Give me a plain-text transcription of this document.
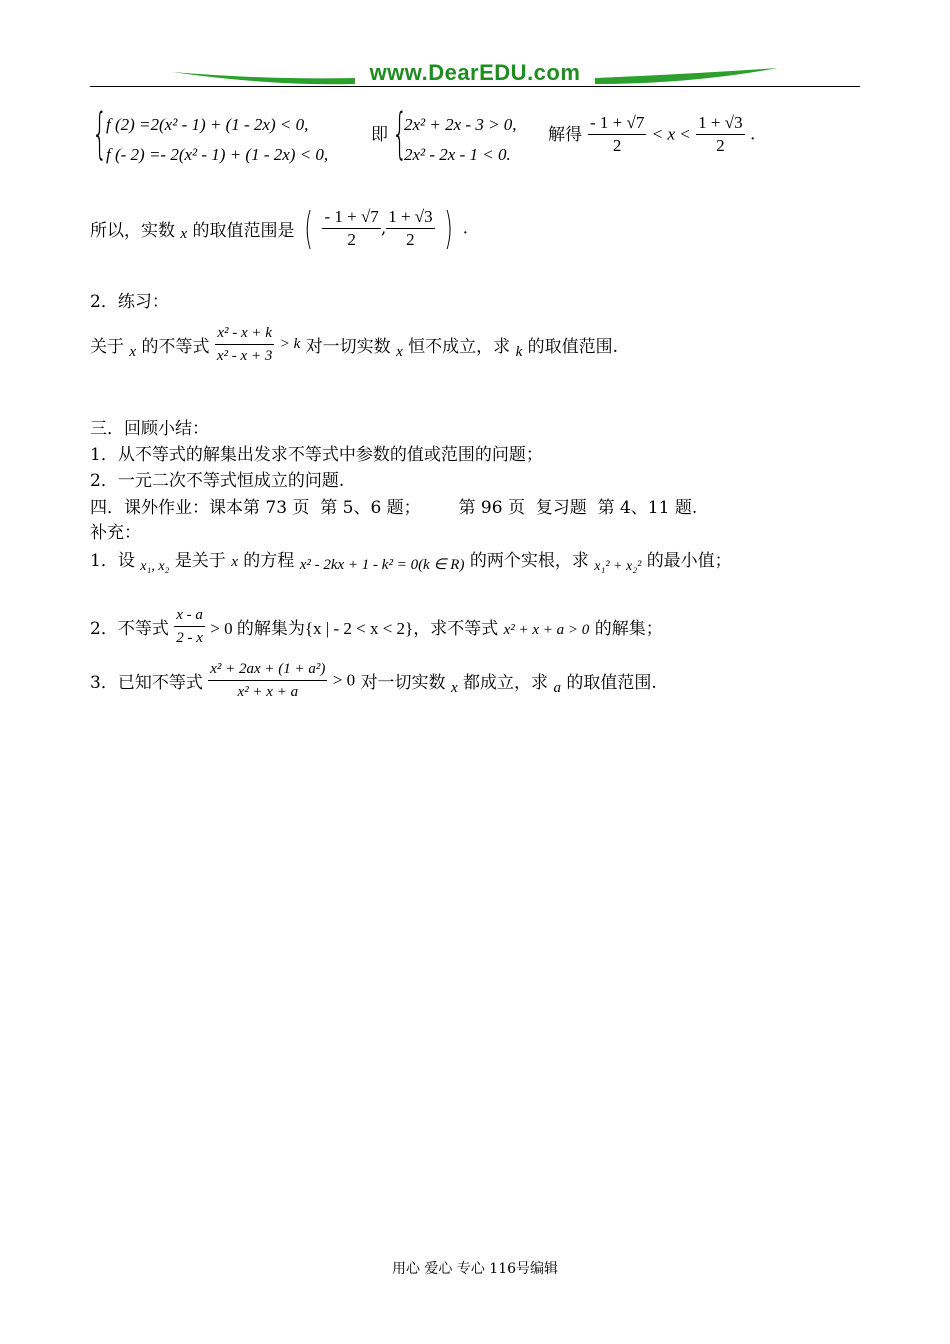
www.DearEDU.com
{
f (2) =2(x² - 1) + (1 - 2x) < 0,
f (- 2) =- 2(x² - 1) + (1 - 2x) < 0,
即 {
2x² + 2x - 3 > 0,
2x² - 2x - 1 < 0.
解得 $\frac{- 1 + √7}{2} < x < \frac{1 + √3}{2}$ .
所以，实数 x 的取值范围是 ( $\frac{- 1 + √7}{2}$ , $\frac{1 + √3}{2}$ ) .
2．练习：
关于 x 的不等式 $\frac{\text{x² - x + k}}{\text{x² - x + 3}} > k$ 对一切实数 x 恒不成立，求 k 的取值范围.
三．回顾小结：
1．从不等式的解集出发求不等式中参数的值或范围的问题；
2．一元二次不等式恒成立的问题.
四．课外作业：课本第 73 页  第 5、6 题；       第 96 页  复习题  第 4、11 题.
补充：
1．设 $_{x_1, x_2}$ 是关于 x 的方程 x² - 2kx + 1 - k² = 0(k ∈ R) 的两个实根，求 $_{x_1^2 + x_2^2}$ 的最小值；
2．不等式 $\frac{x - a}{2 - x} > 0$ 的解集为{x | - 2 < x < 2}，求不等式 x² + x + a > 0 的解集；
3．已知不等式 $\frac{\text{x² + 2ax + (1 + a²)}}{\text{x² + x + a}} > 0$ 对一切实数 x 都成立，求 a 的取值范围.
用心 爱心 专心 116号编辑
